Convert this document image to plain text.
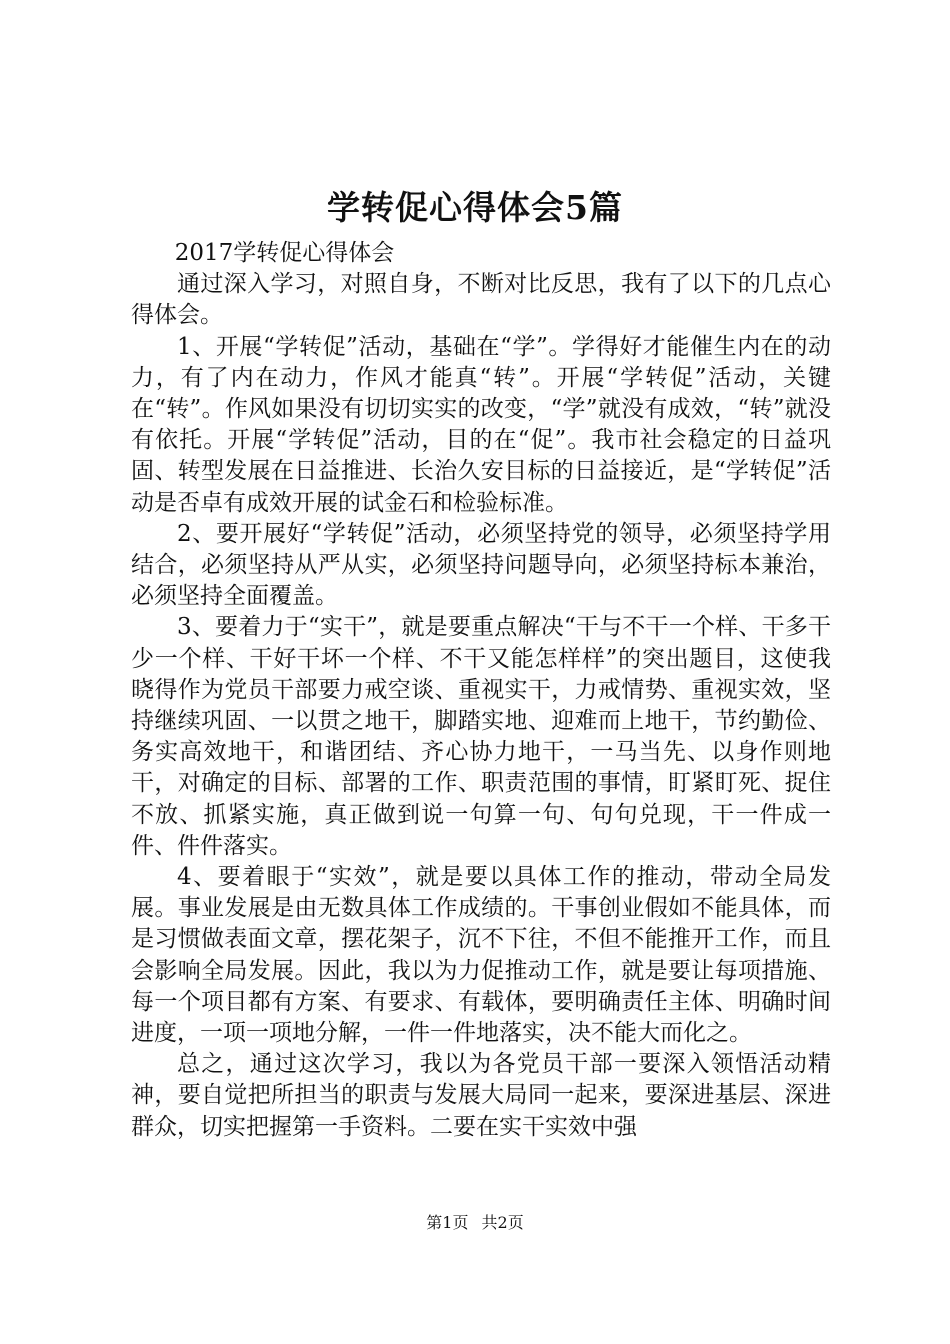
学转促心得体会5篇

2017学转促心得体会

通过深入学习，对照自身，不断对比反思，我有了以下的几点心得体会。

1、开展“学转促”活动，基础在“学”。学得好才能催生内在的动力，有了内在动力，作风才能真“转”。开展“学转促”活动，关键在“转”。作风如果没有切切实实的改变，“学”就没有成效，“转”就没有依托。开展“学转促”活动，目的在“促”。我市社会稳定的日益巩固、转型发展在日益推进、长治久安目标的日益接近，是“学转促”活动是否卓有成效开展的试金石和检验标准。

2、要开展好“学转促”活动，必须坚持党的领导，必须坚持学用结合，必须坚持从严从实，必须坚持问题导向，必须坚持标本兼治，必须坚持全面覆盖。

3、要着力于“实干”，就是要重点解决“干与不干一个样、干多干少一个样、干好干坏一个样、不干又能怎样样”的突出题目，这使我晓得作为党员干部要力戒空谈、重视实干，力戒情势、重视实效，坚持继续巩固、一以贯之地干，脚踏实地、迎难而上地干，节约勤俭、务实高效地干，和谐团结、齐心协力地干，一马当先、以身作则地干，对确定的目标、部署的工作、职责范围的事情，盯紧盯死、捉住不放、抓紧实施，真正做到说一句算一句、句句兑现，干一件成一件、件件落实。

4、要着眼于“实效”，就是要以具体工作的推动，带动全局发展。事业发展是由无数具体工作成绩的。干事创业假如不能具体，而是习惯做表面文章，摆花架子，沉不下往，不但不能推开工作，而且会影响全局发展。因此，我以为力促推动工作，就是要让每项措施、每一个项目都有方案、有要求、有载体，要明确责任主体、明确时间进度，一项一项地分解，一件一件地落实，决不能大而化之。

总之，通过这次学习，我以为各党员干部一要深入领悟活动精神，要自觉把所担当的职责与发展大局同一起来，要深进基层、深进群众，切实把握第一手资料。二要在实干实效中强

第1页 共2页
